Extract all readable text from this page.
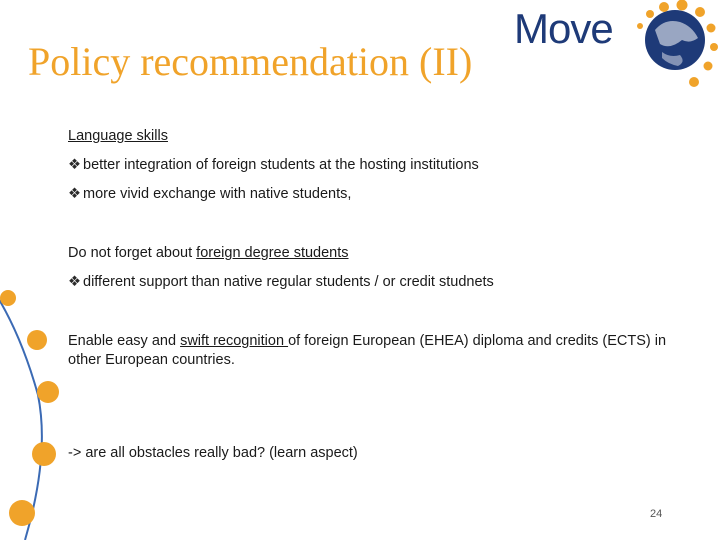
Policy recommendation (II)
Move
Language skills
❖ better integration of foreign students at the hosting institutions
❖ more vivid exchange with native students,
Do not forget about foreign degree students
❖ different support than native regular students / or credit studnets
Enable easy and swift recognition of foreign European (EHEA) diploma and credits (ECTS) in other European countries.
-> are all obstacles really bad? (learn aspect)
24
